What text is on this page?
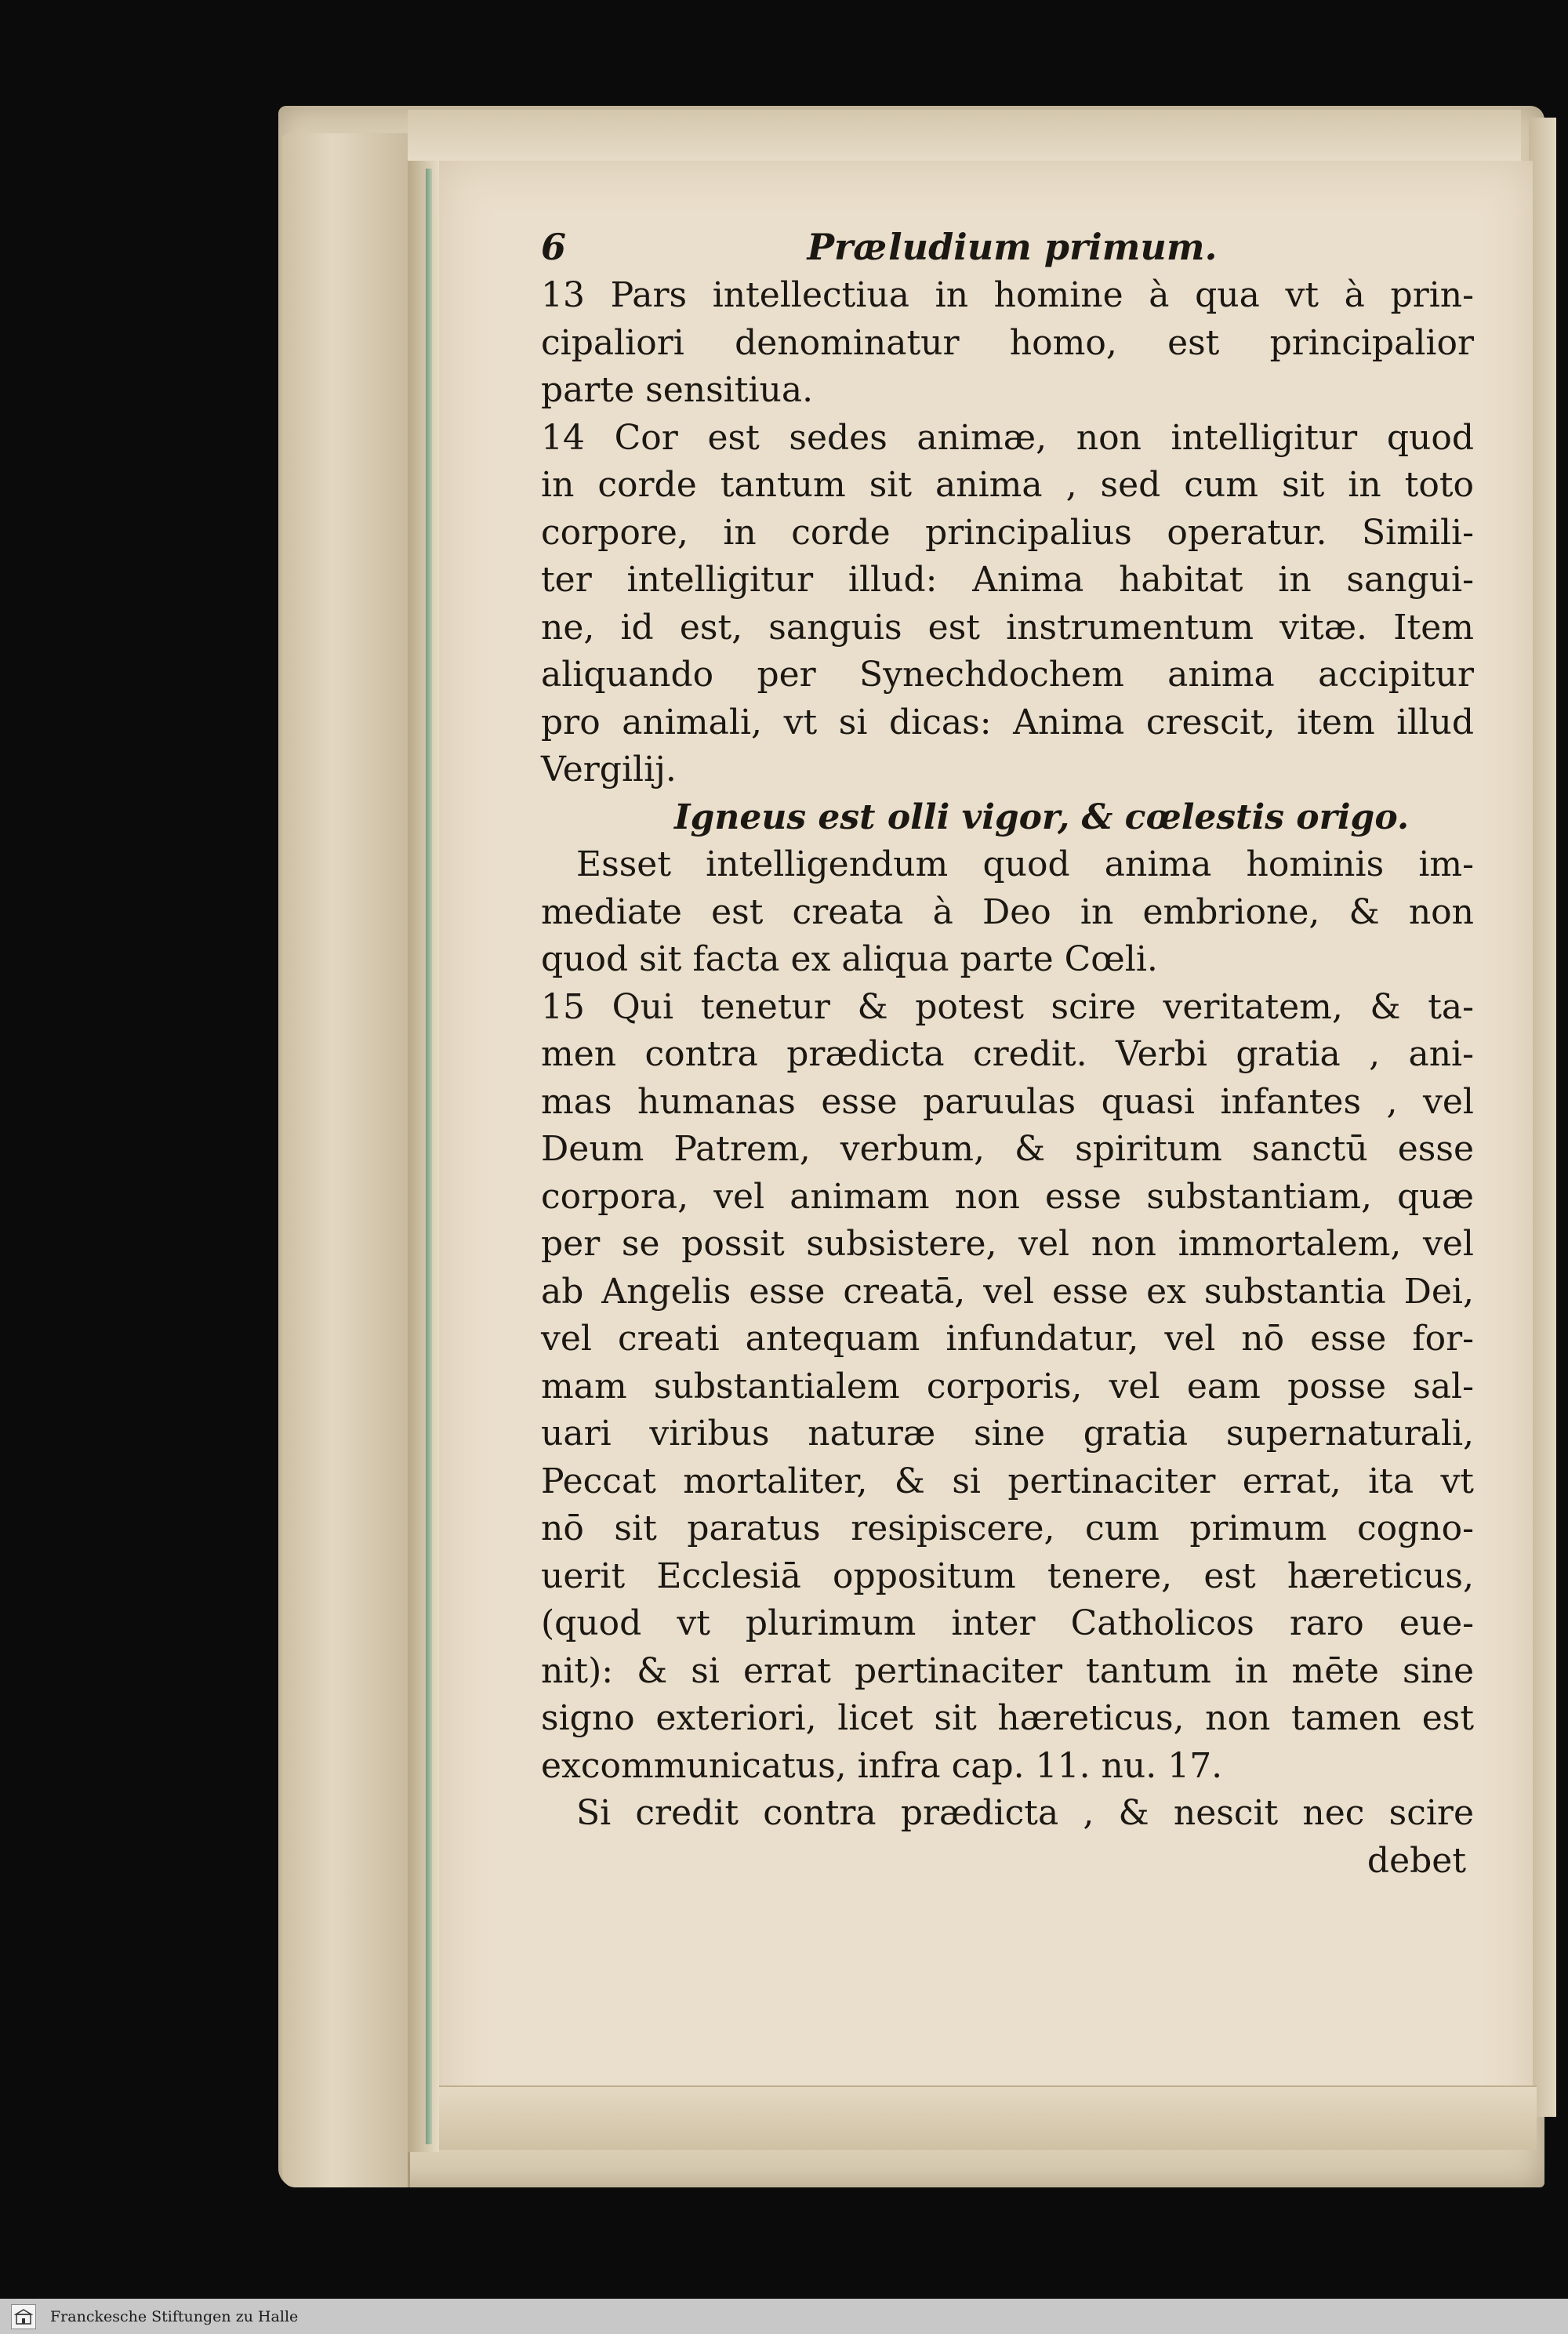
6	Prӕludium primum.
13 Pars intellectiua in homine à qua vt à prin-
cipaliori denominatur homo, est principalior
parte sensitiua.
14 Cor est sedes animæ, non intelligitur quod
in corde tantum sit anima , sed cum sit in toto
corpore, in corde principalius operatur. Simili-
ter intelligitur illud: Anima habitat in sangui-
ne, id est, sanguis est instrumentum vitæ. Item
aliquando per Synechdochem anima accipitur
pro animali, vt si dicas: Anima crescit, item illud
Vergilij.
Igneus est olli vigor, & cœlestis origo.
Esset intelligendum quod anima hominis im-
mediate est creata à Deo in embrione, & non
quod sit facta ex aliqua parte Cœli.
15 Qui tenetur & potest scire veritatem, & ta-
men contra prædicta credit. Verbi gratia , ani-
mas humanas esse paruulas quasi infantes , vel
Deum Patrem, verbum, & spiritum sanctū esse
corpora, vel animam non esse substantiam, quæ
per se possit subsistere, vel non immortalem, vel
ab Angelis esse creatā, vel esse ex substantia Dei,
vel creati antequam infundatur, vel nō esse for-
mam substantialem corporis, vel eam posse sal-
uari viribus naturæ sine gratia supernaturali,
Peccat mortaliter, & si pertinaciter errat, ita vt
nō sit paratus resipiscere, cum primum cogno-
uerit Ecclesiā oppositum tenere, est hæreticus,
(quod vt plurimum inter Catholicos raro eue-
nit): & si errat pertinaciter tantum in mēte sine
signo exteriori, licet sit hæreticus, non tamen est
excommunicatus, infra cap. 11. nu. 17.
Si credit contra prædicta , & nescit nec scire
debet
Franckesche Stiftungen zu Halle
